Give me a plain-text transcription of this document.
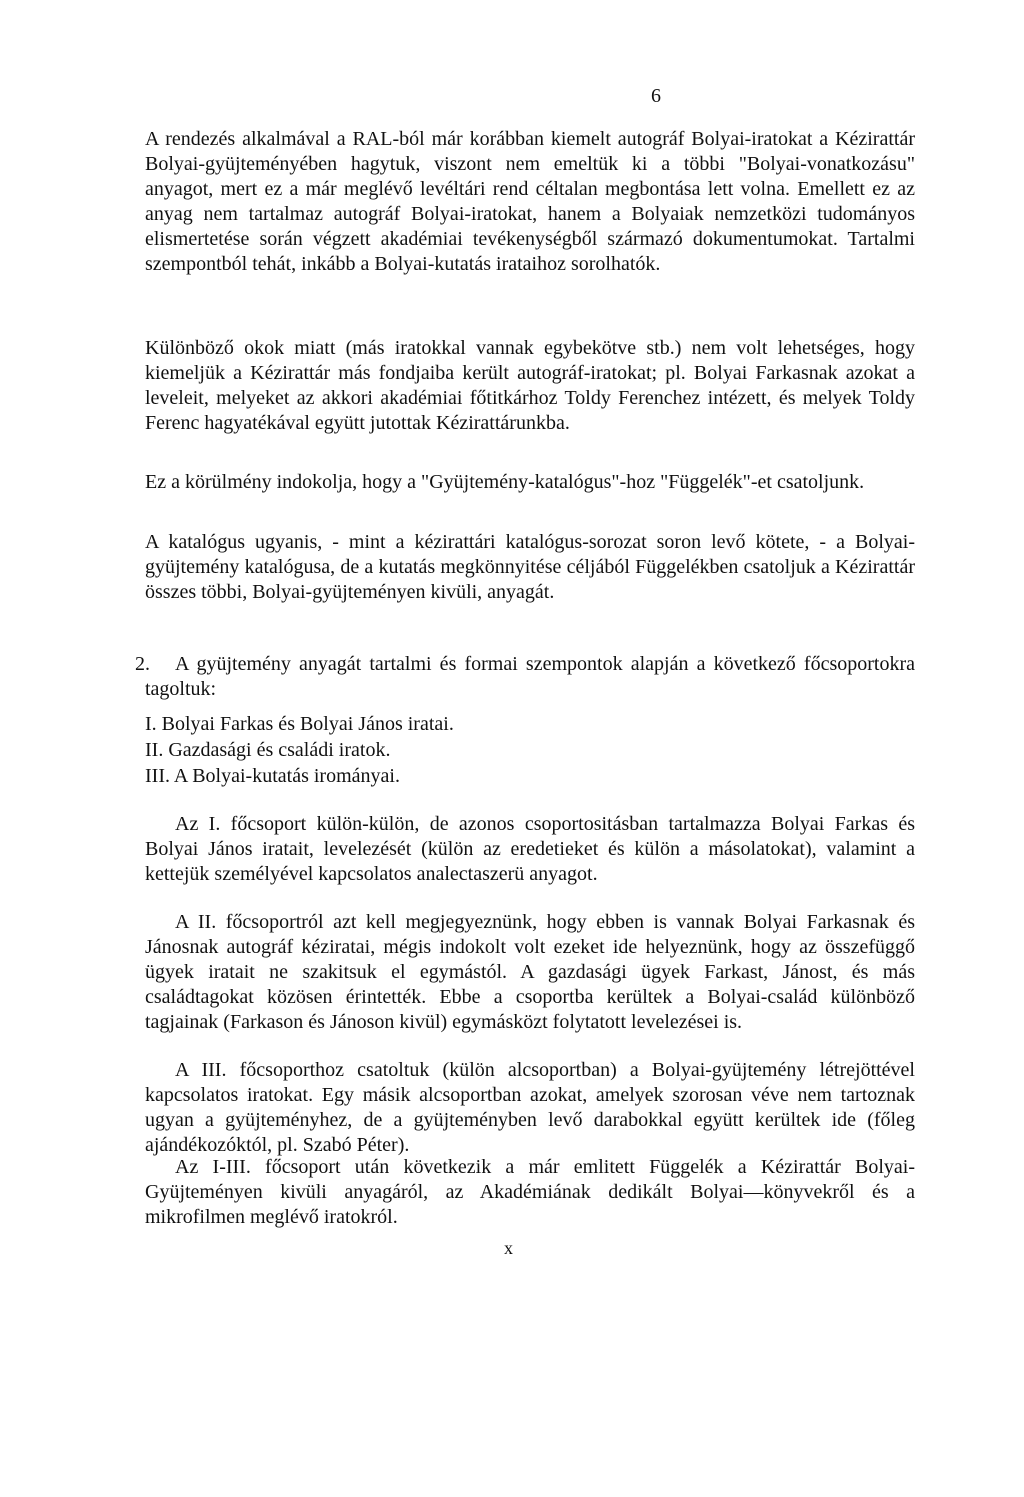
6

A rendezés alkalmával a RAL-ból már korábban kiemelt autográf Bolyai-iratokat a Kézirattár Bolyai-gyüjteményében hagytuk, viszont nem emeltük ki a többi "Bolyai-vonatkozásu" anyagot, mert ez a már meglévő levéltári rend céltalan megbontása lett volna. Emellett ez az anyag nem tartalmaz autográf Bolyai-iratokat, hanem a Bolyaiak nemzetközi tudományos elismertetése során végzett akadémiai tevékenységből származó dokumentumokat. Tartalmi szempontból tehát, inkább a Bolyai-kutatás irataihoz sorolhatók.

Különböző okok miatt (más iratokkal vannak egybekötve stb.) nem volt lehetséges, hogy kiemeljük a Kézirattár más fondjaiba került autográf-iratokat; pl. Bolyai Farkasnak azokat a leveleit, melyeket az akkori akadémiai főtitkárhoz Toldy Ferenchez intézett, és melyek Toldy Ferenc hagyatékával együtt jutottak Kézirattárunkba.

Ez a körülmény indokolja, hogy a "Gyüjtemény-katalógus"-hoz "Függelék"-et csatoljunk.

A katalógus ugyanis, - mint a kézirattári katalógus-sorozat soron levő kötete, - a Bolyai-gyüjtemény katalógusa, de a kutatás megkönnyitése céljából Függelékben csatoljuk a Kézirattár összes többi, Bolyai-gyüjteményen kivüli, anyagát.

2.	A gyüjtemény anyagát tartalmi és formai szempontok alapján a következő főcsoportokra tagoltuk:

I. Bolyai Farkas és Bolyai János iratai.
II. Gazdasági és családi iratok.
III. A Bolyai-kutatás irományai.

Az I. főcsoport külön-külön, de azonos csoportositásban tartalmazza Bolyai Farkas és Bolyai János iratait, levelezését (külön az eredetieket és külön a másolatokat), valamint a kettejük személyével kapcsolatos analectaszerü anyagot.

A II. főcsoportról azt kell megjegyeznünk, hogy ebben is vannak Bolyai Farkasnak és Jánosnak autográf kéziratai, mégis indokolt volt ezeket ide helyeznünk, hogy az összefüggő ügyek iratait ne szakitsuk el egymástól. A gazdasági ügyek Farkast, Jánost, és más családtagokat közösen érintették. Ebbe a csoportba kerültek a Bolyai-család különböző tagjainak (Farkason és Jánoson kivül) egymásközt folytatott levelezései is.

A III. főcsoporthoz csatoltuk (külön alcsoportban) a Bolyai-gyüjtemény létrejöttével kapcsolatos iratokat. Egy másik alcsoportban azokat, amelyek szorosan véve nem tartoznak ugyan a gyüjteményhez, de a gyüjteményben levő darabokkal együtt kerültek ide (főleg ajándékozóktól, pl. Szabó Péter).

Az I-III. főcsoport után következik a már emlitett Függelék a Kézirattár Bolyai-Gyüjteményen kivüli anyagáról, az Akadémiának dedikált Bolyai—könyvekről és a mikrofilmen meglévő iratokról.

x
